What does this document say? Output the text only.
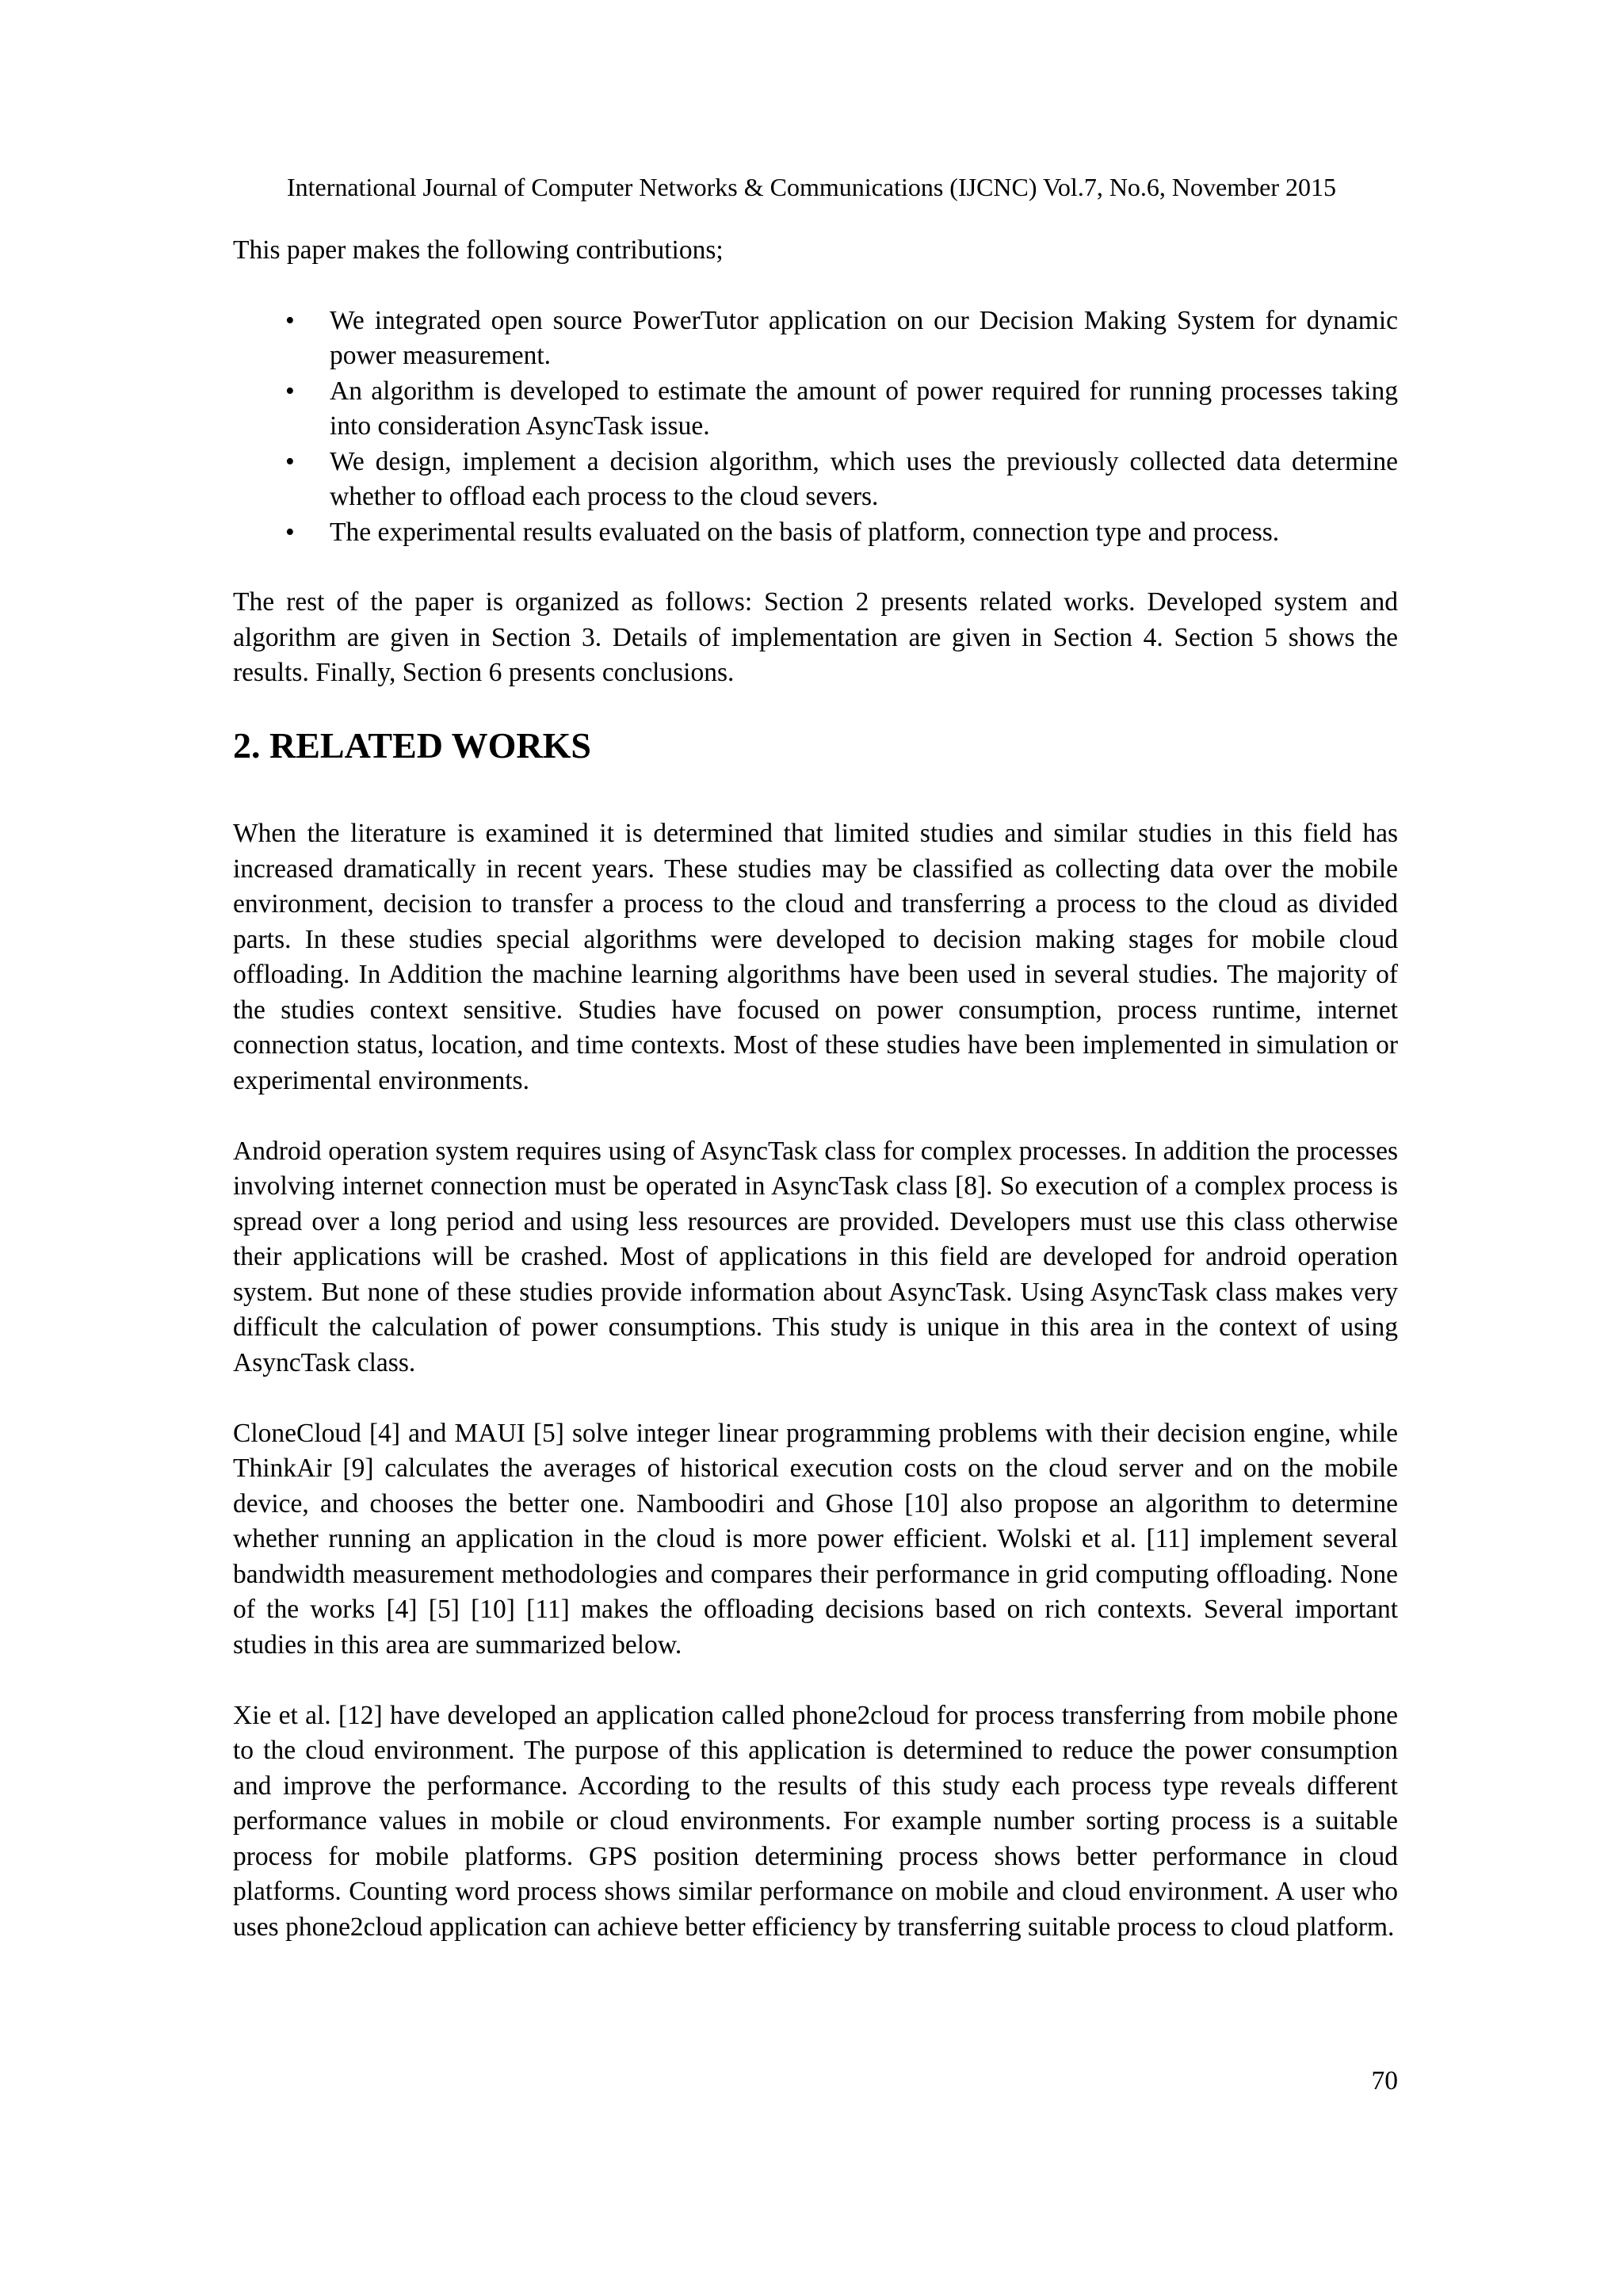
International Journal of Computer Networks & Communications (IJCNC) Vol.7, No.6, November 2015

This paper makes the following contributions;

• We integrated open source PowerTutor application on our Decision Making System for dynamic power measurement.
• An algorithm is developed to estimate the amount of power required for running processes taking into consideration AsyncTask issue.
• We design, implement a decision algorithm, which uses the previously collected data determine whether to offload each process to the cloud severs.
• The experimental results evaluated on the basis of platform, connection type and process.

The rest of the paper is organized as follows: Section 2 presents related works. Developed system and algorithm are given in Section 3. Details of implementation are given in Section 4. Section 5 shows the results. Finally, Section 6 presents conclusions.

2. RELATED WORKS

When the literature is examined it is determined that limited studies and similar studies in this field has increased dramatically in recent years. These studies may be classified as collecting data over the mobile environment, decision to transfer a process to the cloud and transferring a process to the cloud as divided parts. In these studies special algorithms were developed to decision making stages for mobile cloud offloading. In Addition the machine learning algorithms have been used in several studies. The majority of the studies context sensitive. Studies have focused on power consumption, process runtime, internet connection status, location, and time contexts. Most of these studies have been implemented in simulation or experimental environments.

Android operation system requires using of AsyncTask class for complex processes. In addition the processes involving internet connection must be operated in AsyncTask class [8]. So execution of a complex process is spread over a long period and using less resources are provided. Developers must use this class otherwise their applications will be crashed. Most of applications in this field are developed for android operation system. But none of these studies provide information about AsyncTask. Using AsyncTask class makes very difficult the calculation of power consumptions. This study is unique in this area in the context of using AsyncTask class.

CloneCloud [4] and MAUI [5] solve integer linear programming problems with their decision engine, while ThinkAir [9] calculates the averages of historical execution costs on the cloud server and on the mobile device, and chooses the better one. Namboodiri and Ghose [10] also propose an algorithm to determine whether running an application in the cloud is more power efficient. Wolski et al. [11] implement several bandwidth measurement methodologies and compares their performance in grid computing offloading. None of the works [4] [5] [10] [11] makes the offloading decisions based on rich contexts. Several important studies in this area are summarized below.

Xie et al. [12] have developed an application called phone2cloud for process transferring from mobile phone to the cloud environment. The purpose of this application is determined to reduce the power consumption and improve the performance. According to the results of this study each process type reveals different performance values in mobile or cloud environments. For example number sorting process is a suitable process for mobile platforms. GPS position determining process shows better performance in cloud platforms. Counting word process shows similar performance on mobile and cloud environment. A user who uses phone2cloud application can achieve better efficiency by transferring suitable process to cloud platform.

70
